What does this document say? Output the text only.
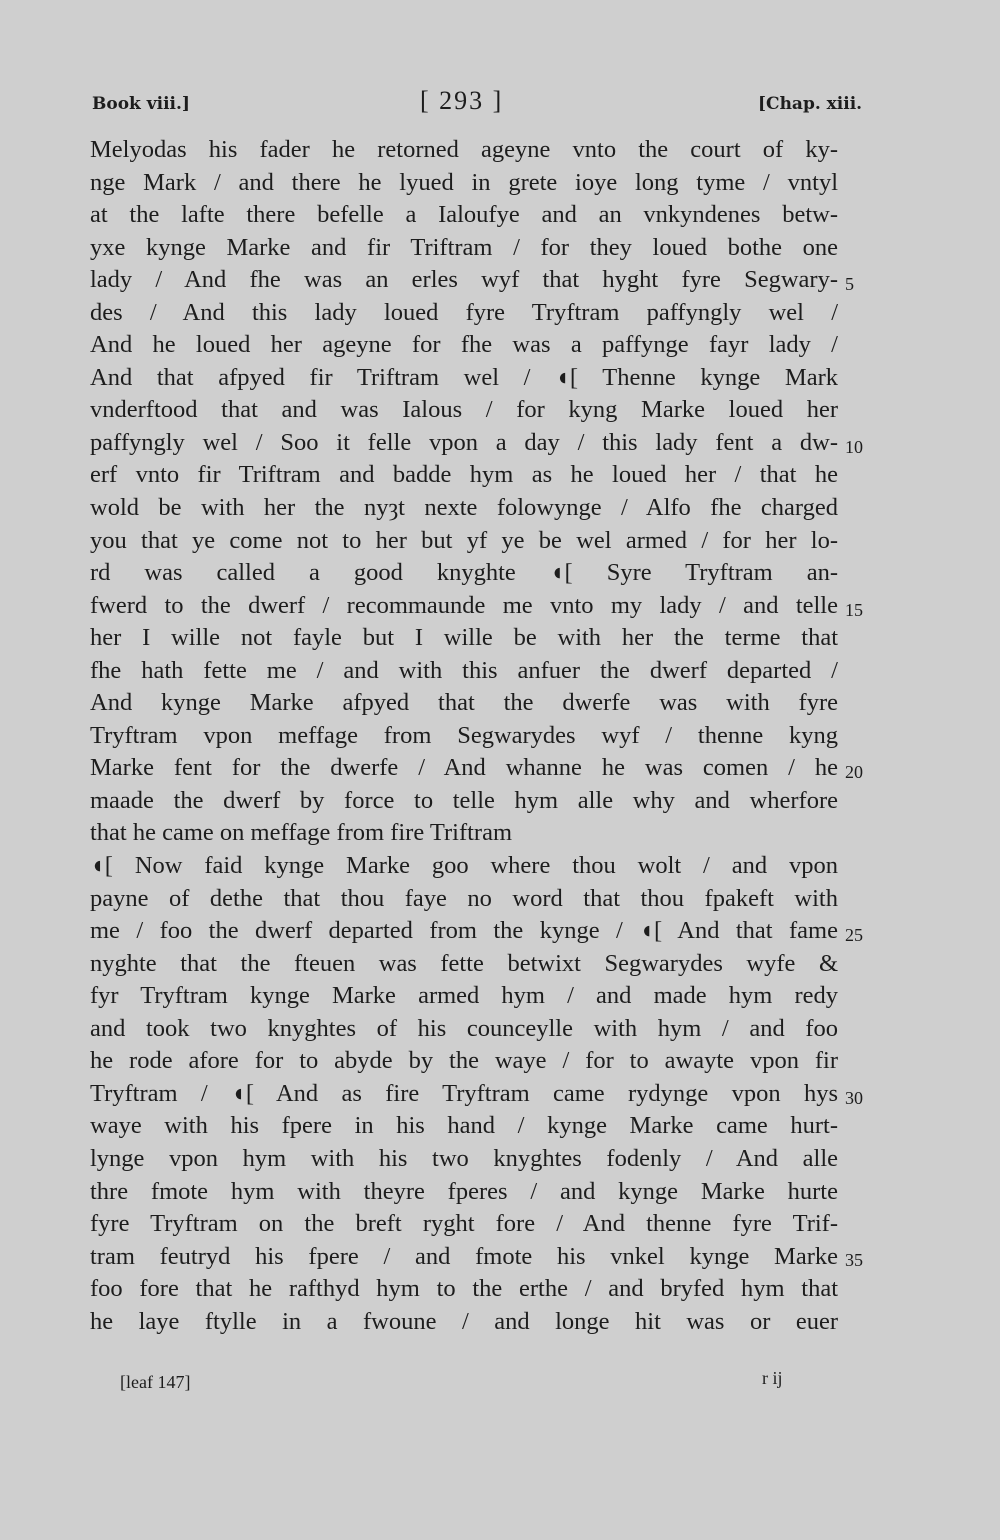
Book viii.]	[ 293 ]	[Chap. xiii.
Melyodas his fader he retorned ageyne vnto the court of ky-
nge Mark / and there he lyued in grete ioye long tyme / vntyl
at the lafte there befelle a Ialoufye and an vnkyndenes betw-
yxe kynge Marke and fir Triftram / for they loued bothe one
lady / And fhe was an erles wyf that hyght fyre Segwary-
des / And this lady loued fyre Tryftram paffyngly wel /
And he loued her ageyne for fhe was a paffynge fayr lady /
And that afpyed fir Triftram wel / ◖[ Thenne kynge Mark
vnderftood that and was Ialous / for kyng Marke loued her
paffyngly wel / Soo it felle vpon a day / this lady fent a dw-
erf vnto fir Triftram and badde hym as he loued her / that he
wold be with her the nyȝt nexte folowynge / Alfo fhe charged
you that ye come not to her but yf ye be wel armed / for her lo-
rd was called a good knyghte ◖[ Syre Tryftram an-
fwerd to the dwerf / recommaunde me vnto my lady / and telle
her I wille not fayle but I wille be with her the terme that
fhe hath fette me / and with this anfuer the dwerf departed /
And kynge Marke afpyed that the dwerfe was with fyre
Tryftram vpon meffage from Segwarydes wyf / thenne kyng
Marke fent for the dwerfe / And whanne he was comen / he
maade the dwerf by force to telle hym alle why and wherfore
that he came on meffage from fire Triftram
◖[ Now faid kynge Marke goo where thou wolt / and vpon
payne of dethe that thou faye no word that thou fpakeft with
me / foo the dwerf departed from the kynge / ◖[ And that fame
nyghte that the fteuen was fette betwixt Segwarydes wyfe &
fyr Tryftram kynge Marke armed hym / and made hym redy
and took two knyghtes of his counceylle with hym / and foo
he rode afore for to abyde by the waye / for to awayte vpon fir
Tryftram / ◖[ And as fire Tryftram came rydynge vpon hys
waye with his fpere in his hand / kynge Marke came hurt-
lynge vpon hym with his two knyghtes fodenly / And alle
thre fmote hym with theyre fperes / and kynge Marke hurte
fyre Tryftram on the breft ryght fore / And thenne fyre Trif-
tram feutryd his fpere / and fmote his vnkel kynge Marke
foo fore that he rafthyd hym to the erthe / and bryfed hym that
he laye ftylle in a fwoune / and longe hit was or euer
5
10
15
20
25
30
35
[leaf 147]	r ij
